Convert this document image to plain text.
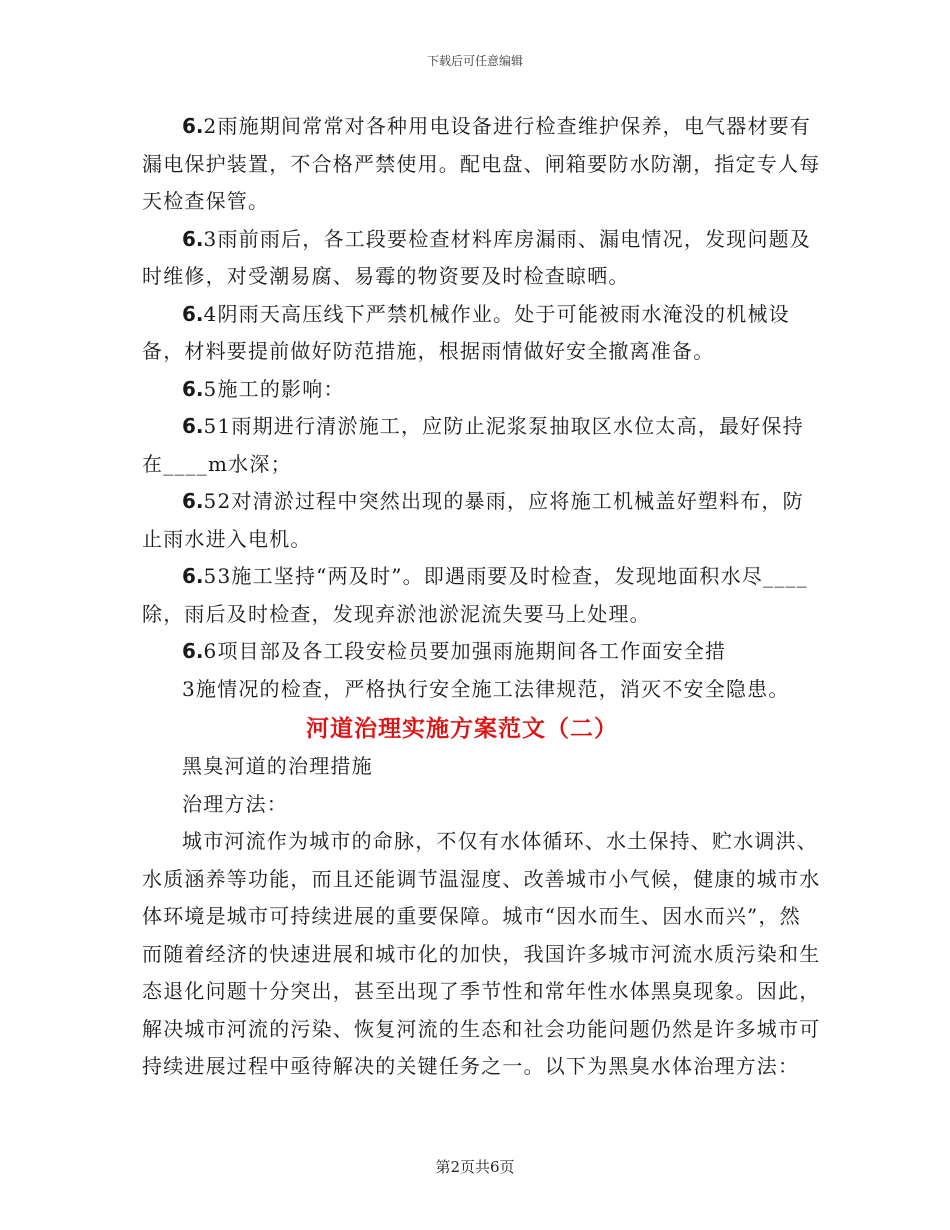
下载后可任意编辑

6.2雨施期间常常对各种用电设备进行检查维护保养，电气器材要有漏电保护装置，不合格严禁使用。配电盘、闸箱要防水防潮，指定专人每天检查保管。

6.3雨前雨后，各工段要检查材料库房漏雨、漏电情况，发现问题及时维修，对受潮易腐、易霉的物资要及时检查晾晒。

6.4阴雨天高压线下严禁机械作业。处于可能被雨水淹没的机械设备，材料要提前做好防范措施，根据雨情做好安全撤离准备。

6.5施工的影响：

6.51雨期进行清淤施工，应防止泥浆泵抽取区水位太高，最好保持在____m水深；

6.52对清淤过程中突然出现的暴雨，应将施工机械盖好塑料布，防止雨水进入电机。

6.53施工坚持“两及时”。即遇雨要及时检查，发现地面积水尽____除，雨后及时检查，发现弃淤池淤泥流失要马上处理。

6.6项目部及各工段安检员要加强雨施期间各工作面安全措

3施情况的检查，严格执行安全施工法律规范，消灭不安全隐患。

河道治理实施方案范文（二）

黑臭河道的治理措施

治理方法：

城市河流作为城市的命脉，不仅有水体循环、水土保持、贮水调洪、水质涵养等功能，而且还能调节温湿度、改善城市小气候，健康的城市水体环境是城市可持续进展的重要保障。城市“因水而生、因水而兴”，然而随着经济的快速进展和城市化的加快，我国许多城市河流水质污染和生态退化问题十分突出，甚至出现了季节性和常年性水体黑臭现象。因此，解决城市河流的污染、恢复河流的生态和社会功能问题仍然是许多城市可持续进展过程中亟待解决的关键任务之一。以下为黑臭水体治理方法：

第2页共6页
